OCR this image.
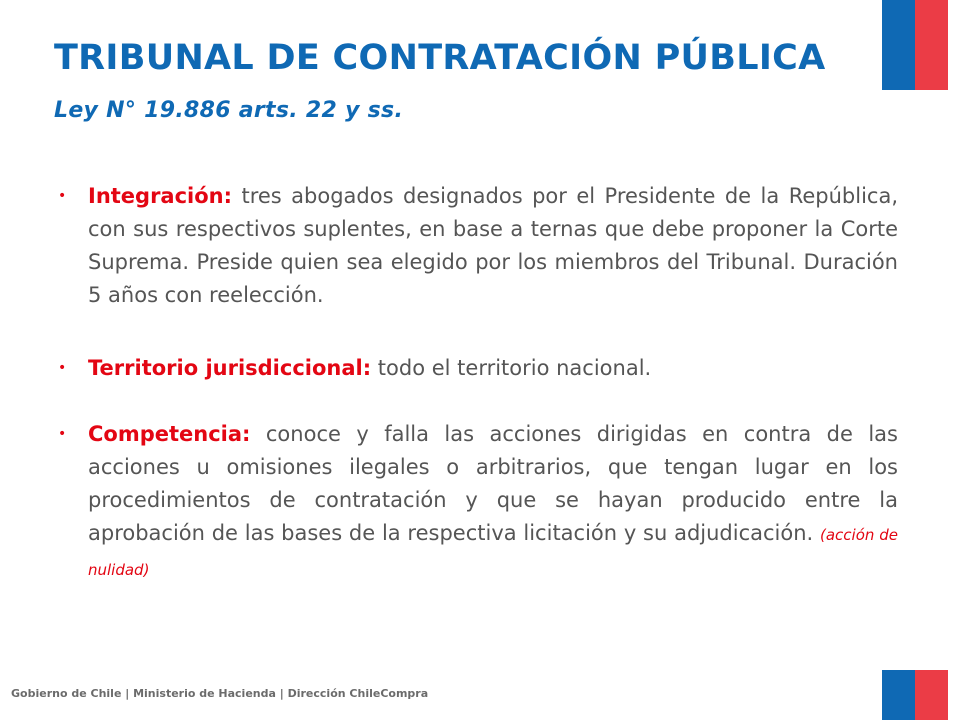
TRIBUNAL DE CONTRATACIÓN PÚBLICA Ley N° 19.886 arts. 22 y ss.
• Integración: tres abogados designados por el Presidente de la República, con sus respectivos suplentes, en base a ternas que debe proponer la Corte Suprema. Preside quien sea elegido por los miembros del Tribunal. Duración 5 años con reelección.
• Territorio jurisdiccional: todo el territorio nacional.
• Competencia: conoce y falla las acciones dirigidas en contra de las acciones u omisiones ilegales o arbitrarios, que tengan lugar en los procedimientos de contratación y que se hayan producido entre la aprobación de las bases de la respectiva licitación y su adjudicación. (acción de nulidad)
Gobierno de Chile | Ministerio de Hacienda | Dirección ChileCompra
